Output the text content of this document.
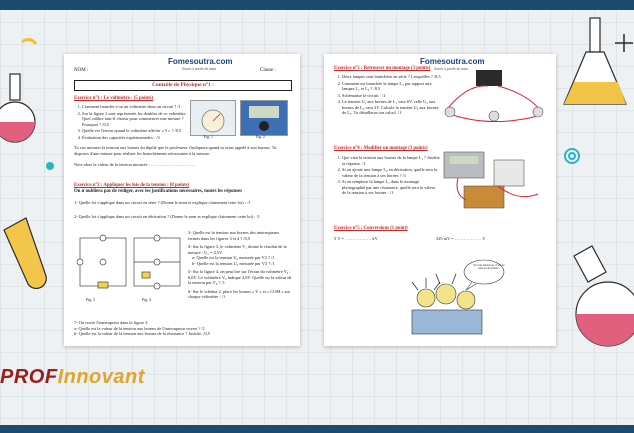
Fomesoutra.com
Savoir à portée de main
NOM :	Classe :
Contrôle de Physique n°1 :
Exercice n°1 : Le voltmètre : (5 points)
1. Comment branche-t-on un voltmètre dans un circuit ? /1
2. Sur la figure 1 sont représentés les doubles de ce voltmètre. Quel calibre faut-il choisir pour commencer une mesure ? Pourquoi ? /0,5
3. Quelle est l'erreur quand le voltmètre affiche « 5 » ? /0,5
4. Évaluation des capacités expérimentales : /3	Fig. 1	Fig. 2
Tu vas mesurer la tension aux bornes du dipôle que le professeur t'indiquera quand tu seras appelé à son bureau. Tu disposes d'une minute pour réaliser les branchements nécessaires à la mesure.
Note alors la valeur de la tension mesurée : …………………………
Exercice n°2 : Appliquer les lois de la tension : (8 points)
On n'oubliera pas de rédiger, avec les justifications nécessaires, toutes les réponses
1- Quelle loi s'applique dans un circuit en série ? (Donne le nom et explique clairement cette loi) : /1
2- Quelle loi s'applique dans un circuit en dérivation ? (Donne le nom et explique clairement cette loi) : /1
Fig. 3	Fig. 4
3- Quelle est la tension aux bornes des interrupteurs fermés dans les figures 3 et 4 ? /0,5
4- Sur la figure 3, le voltmètre V₁ donne le résultat de la mesure : U₁ = 4,5V.
a- Quelle est la tension U₂ mesurée par V2 ? /1
b- Quelle est la tension U₃ mesurée par V3 ? /1
5- Sur la figure 4, on peut lire sur l'écran du voltmètre V₄ : 6,6V. Le voltmètre V₅ indique 3,6V. Quelle est la valeur de la tension par V₆ ? /1
6- Sur le schéma 2, place les bornes « V » et « COM » sur chaque voltmètre : /1
7- On ouvre l'interrupteur dans la figure 3.
a- Quelle est la valeur de la tension aux bornes de l'interrupteur ouvert ? /1
b- Quelle est la valeur de la tension aux bornes de la résistance ? Justifie. /0,5
Fomesoutra.com
Savoir à portée de main
Exercice n°3 : Retrouver un montage (3 points)
1. Deux lampes sont branchées en série ? Lesquelles ? /0,5
2. Comment est branchée la lampe L₃ par rapport aux lampes L₁ et L₂ ? /0,5
3. Schématise le circuit : /1
4. La tension U₁ aux bornes de L₁ vaut 6V, celle U₂ aux bornes de L₂ vaut 3V. Calcule la tension U₃ aux bornes de L₃. Tu détailleras ton calcul. /1
Exercice n°4 : Modifier un montage (3 points)
1. Que vaut la tension aux bornes de la lampe L₁ ? Justifie ta réponse. /1
2. Si on ajoute une lampe L₂ en dérivation, quelle sera la valeur de la tension à ses bornes ? /1
3. Si on remplace la lampe L₁ dans le montage photographié par une résistance, quelle sera la valeur de la tension à ses bornes : /1
Exercice n°5 : Conversions (1 point)
5 V = ……………… kV	325 mV = ……………… V
Ne vous affolez pas ! C'est un exercice de tension...
PROFInnovant
